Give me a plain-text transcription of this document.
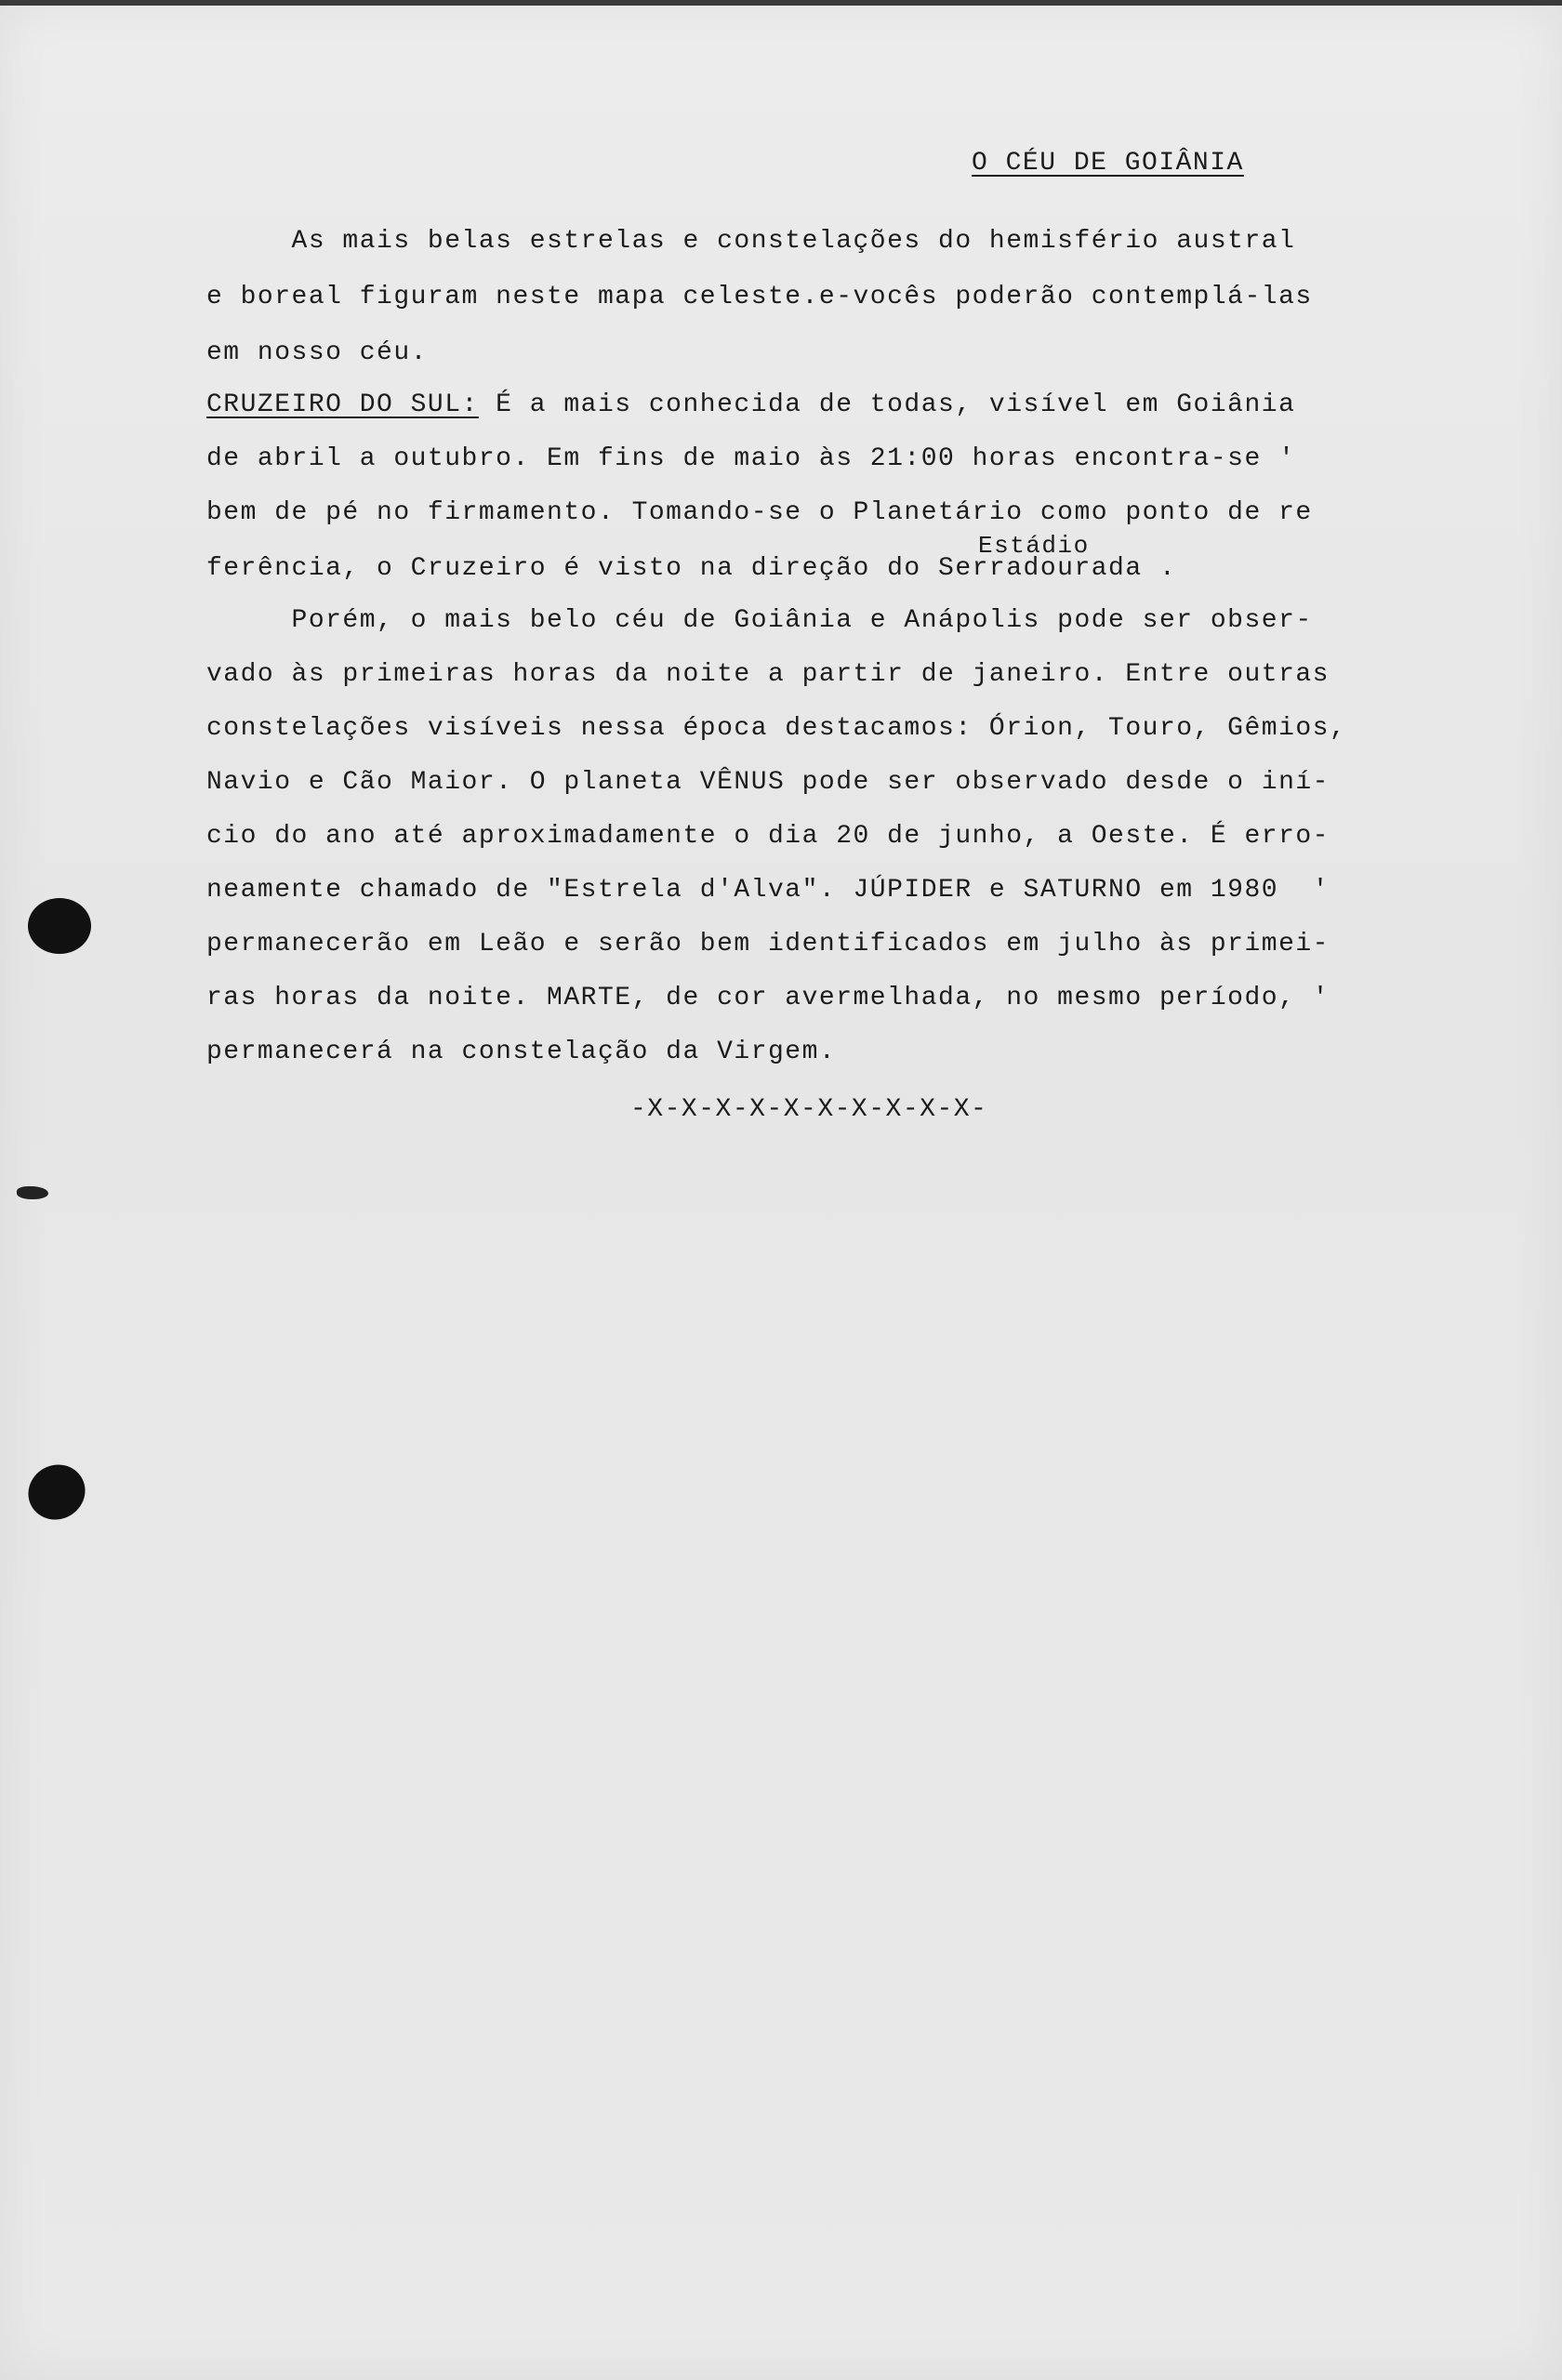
O CÉU DE GOIÂNIA
As mais belas estrelas e constelações do hemisfério austral
e boreal figuram neste mapa celeste.e-vocês poderão contemplá-las
em nosso céu.
CRUZEIRO DO SUL: É a mais conhecida de todas, visível em Goiânia
de abril a outubro. Em fins de maio às 21:00 horas encontra-se '
bem de pé no firmamento. Tomando-se o Planetário como ponto de re
Estádio
ferência, o Cruzeiro é visto na direção do Serradourada .
Porém, o mais belo céu de Goiânia e Anápolis pode ser obser-
vado às primeiras horas da noite a partir de janeiro. Entre outras
constelações visíveis nessa época destacamos: Órion, Touro, Gêmios,
Navio e Cão Maior. O planeta VÊNUS pode ser observado desde o iní-
cio do ano até aproximadamente o dia 20 de junho, a Oeste. É erro-
neamente chamado de "Estrela d'Alva". JÚPIDER e SATURNO em 1980  '
permanecerão em Leão e serão bem identificados em julho às primei-
ras horas da noite. MARTE, de cor avermelhada, no mesmo período, '
permanecerá na constelação da Virgem.
-X-X-X-X-X-X-X-X-X-X-
